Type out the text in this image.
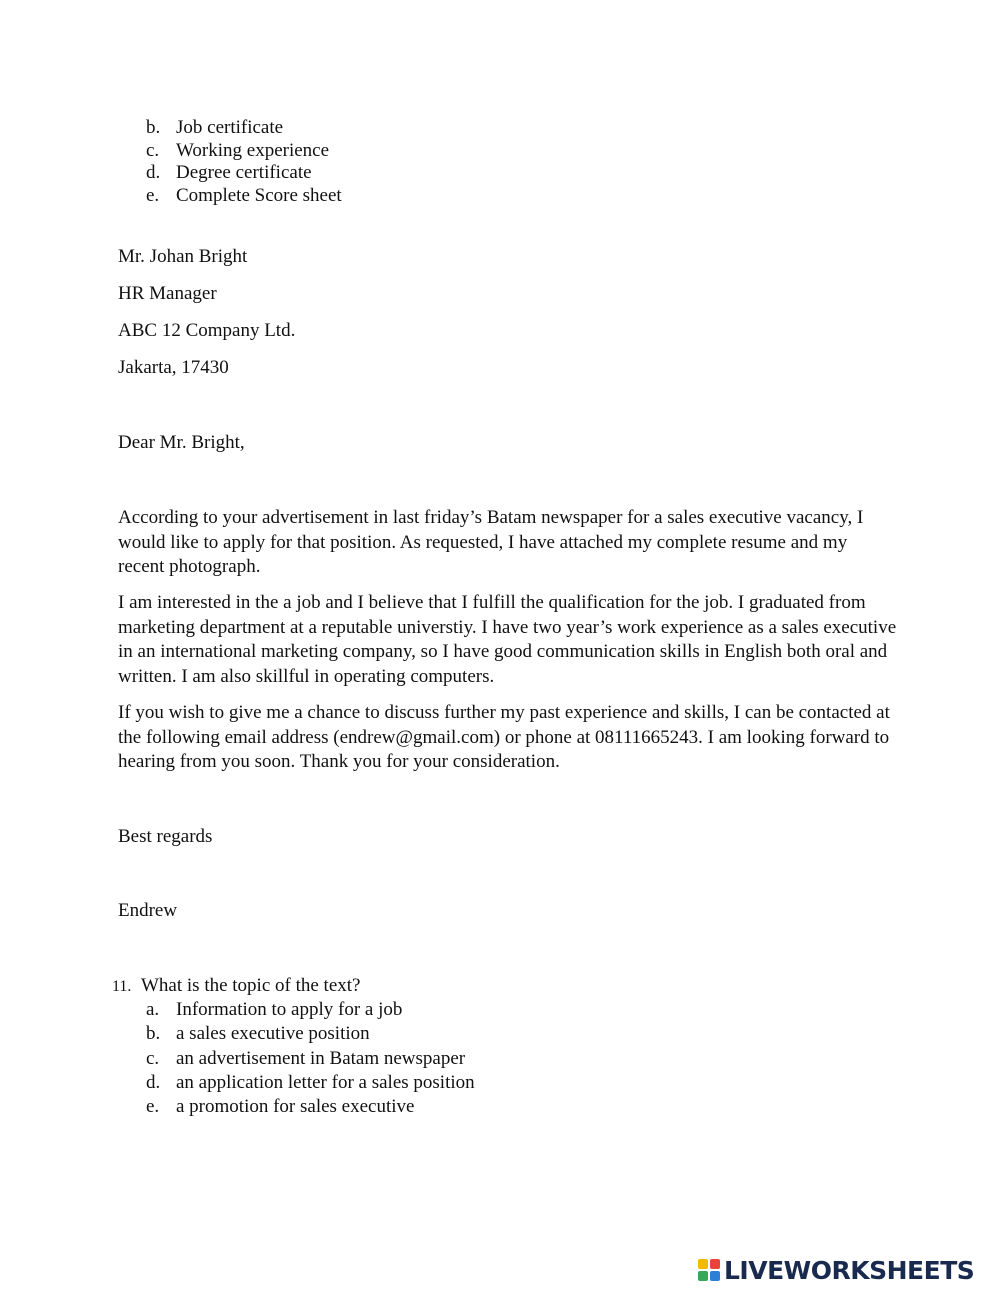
b. Job certificate
c. Working experience
d. Degree certificate
e. Complete Score sheet
Mr. Johan Bright
HR Manager
ABC 12 Company Ltd.
Jakarta, 17430
Dear Mr. Bright,
According to your advertisement in last friday’s Batam newspaper for a sales executive vacancy, I would like to apply for that position. As requested, I have attached my complete resume and my recent photograph.
I am interested in the a job and I believe that I fulfill the qualification for the job. I graduated from marketing department at a reputable universtiy. I have two year’s work experience as a sales executive in an international marketing company, so I have good communication skills in English both oral and written. I am also skillful in operating computers.
If you wish to give me a chance to discuss further my past experience and skills, I can be contacted at the following email address (endrew@gmail.com) or phone at 08111665243. I am looking forward to hearing from you soon. Thank you for your consideration.
Best regards
Endrew
11. What is the topic of the text?
a. Information to apply for a job
b. a sales executive position
c. an advertisement in Batam newspaper
d. an application letter for a sales position
e. a promotion for sales executive
LIVEWORKSHEETS
